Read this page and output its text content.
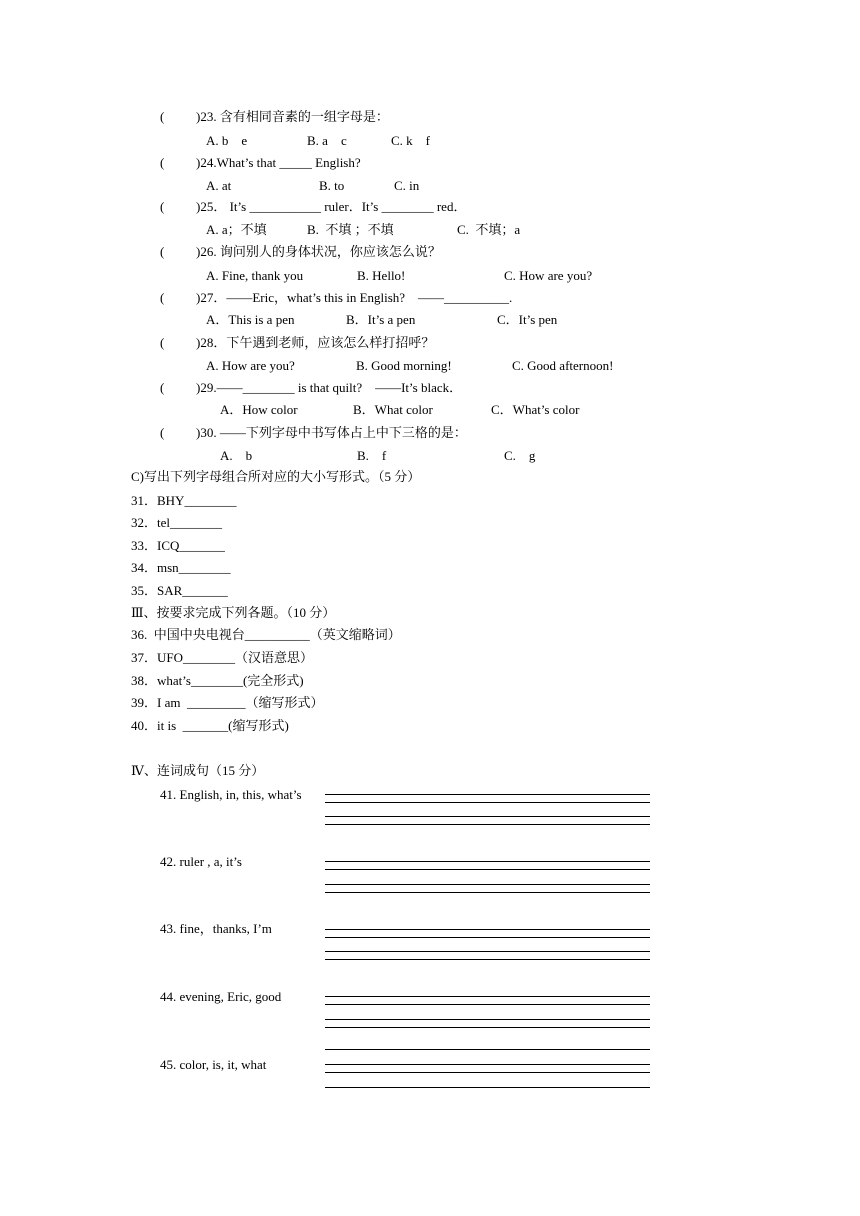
( )23. 含有相同音素的一组字母是：
A. b    e	B. a    c	C. k    f
( )24.What’s that _____ English?
A. at	B. to	C. in
( )25． It’s ___________ ruler．It’s ________ red．
A. a；不填	B.  不填 ；不填	C.  不填；a
( )26. 询问别人的身体状况，你应该怎么说？
A. Fine, thank you	B. Hello!	C. How are you?
( )27．——Eric，what’s this in English?    ——__________.
A．This is a pen	B．It’s a pen	C．It’s pen
( )28．下午遇到老师，应该怎么样打招呼？
A. How are you?	B. Good morning!	C. Good afternoon!
( )29.——________ is that quilt?    ——It’s black．
A．How color	B．What color	C．What’s color
( )30. ——下列字母中书写体占上中下三格的是：
A.    b	B.    f	C.    g
C)写出下列字母组合所对应的大小写形式。（5 分）
31．BHY________
32．tel________
33．ICQ_______
34．msn________
35．SAR_______
Ⅲ、按要求完成下列各题。（10 分）
36.  中国中央电视台__________（英文缩略词）
37．UFO________（汉语意思）
38．what’s________(完全形式)
39．I am  _________（缩写形式）
40．it is  _______(缩写形式)
Ⅳ、连词成句（15 分）
41. English, in, this, what’s
42. ruler , a, it’s
43. fine，thanks, I’m
44. evening, Eric, good
45. color, is, it, what
